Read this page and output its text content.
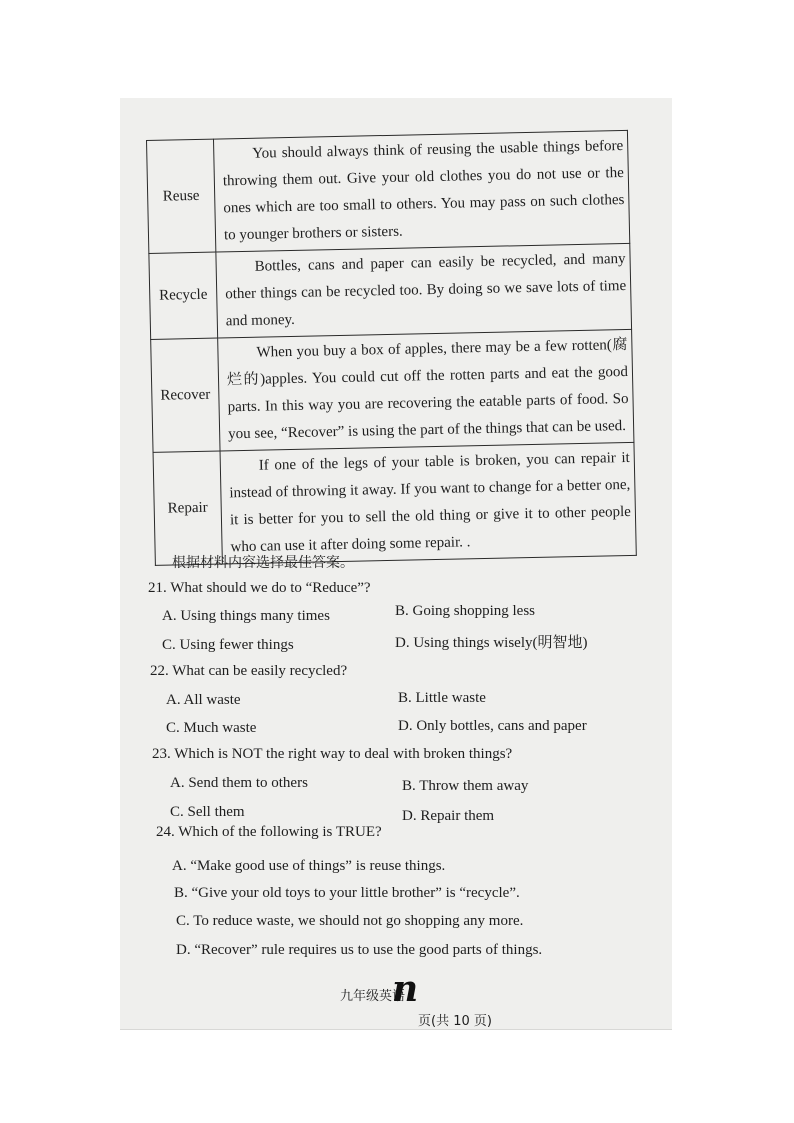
Reuse	You should always think of reusing the usable things before throwing them out. Give your old clothes you do not use or the ones which are too small to others. You may pass on such clothes to younger brothers or sisters.
Recycle	Bottles, cans and paper can easily be recycled, and many other things can be recycled too. By doing so we save lots of time and money.
Recover	When you buy a box of apples, there may be a few rotten(腐烂的)apples. You could cut off the rotten parts and eat the good parts. In this way you are recovering the eatable parts of food. So you see, “Recover” is using the part of the things that can be used.
Repair	If one of the legs of your table is broken, you can repair it instead of throwing it away. If you want to change for a better one, it is better for you to sell the old thing or give it to other people who can use it after doing some repair. .
根据材料内容选择最佳答案。
21. What should we do to “Reduce”?
A. Using things many times	B. Going shopping less
C. Using fewer things	D. Using things wisely(明智地)
22. What can be easily recycled?
A. All waste	B. Little waste
C. Much waste	D. Only bottles, cans and paper
23. Which is NOT the right way to deal with broken things?
A. Send them to others	B. Throw them away
C. Sell them	D. Repair them
24. Which of the following is TRUE?
A. “Make good use of things” is reuse things.
B. “Give your old toys to your little brother” is “recycle”.
C. To reduce waste, we should not go shopping any more.
D. “Recover” rule requires us to use the good parts of things.
九年级英语
n
页(共 10 页)
